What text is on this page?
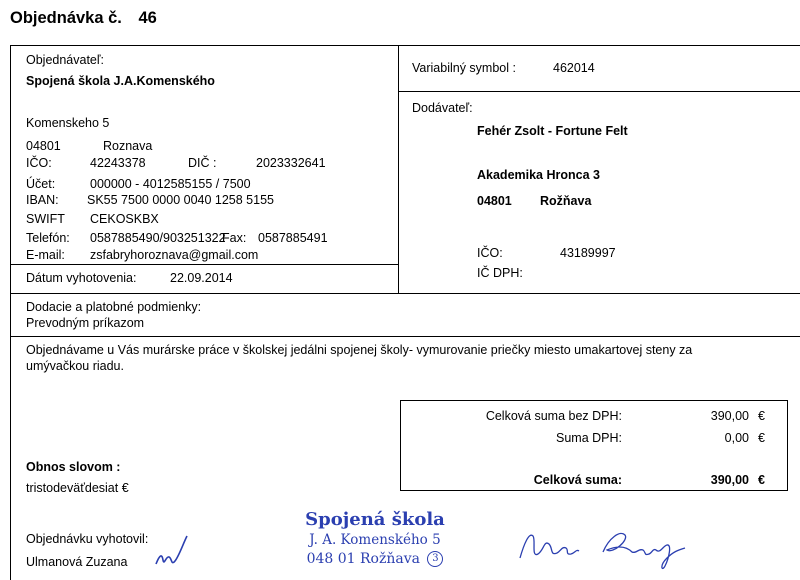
Objednávka č. 46
Objednávateľ:
Spojená škola J.A.Komenského
Komenskeho 5
04801	Roznava
IČO:	42243378	DIČ :	2023332641
Účet:	000000 - 4012585155 / 7500
IBAN: SK55 7500 0000 0040 1258 5155
SWIFT CEKOSKBX
Telefón: 0587885490/903251322
Fax: 0587885491
E-mail: zsfabryhoroznava@gmail.com
Dátum vyhotovenia:	22.09.2014
Variabilný symbol :	462014
Dodávateľ:
Fehér Zsolt - Fortune Felt
Akademika Hronca 3
04801 Rožňava
IČO:	43189997
IČ DPH:
Dodacie a platobné podmienky:
Prevodným príkazom
Objednávame u Vás murárske práce v školskej jedálni spojenej školy- vymurovanie priečky miesto umakartovej steny za
umývačkou riadu.
Celková suma bez DPH:	390,00 €
Suma DPH:	0,00 €
Celková suma:	390,00 €
Obnos slovom :
tristodeväťdesiat €
Objednávku vyhotovil:
Ulmanová Zuzana
Spojená škola
J. A. Komenského 5
048 01 Rožňava 3
